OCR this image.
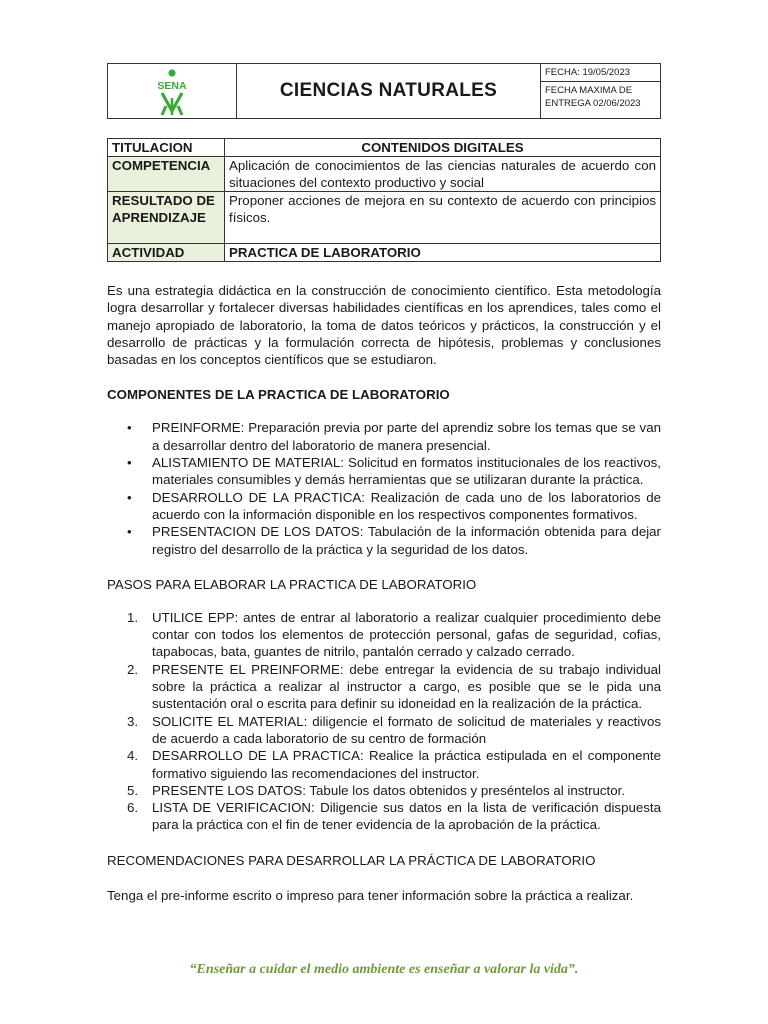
SENA	CIENCIAS NATURALES
FECHA: 19/05/2023
FECHA MAXIMA DE
ENTREGA 02/06/2023
TITULACION	CONTENIDOS DIGITALES
COMPETENCIA	Aplicación de conocimientos de las ciencias naturales de acuerdo con situaciones del contexto productivo y social
RESULTADO DE APRENDIZAJE	Proponer acciones de mejora en su contexto de acuerdo con principios físicos.
ACTIVIDAD	PRACTICA DE LABORATORIO

Es una estrategia didáctica en la construcción de conocimiento científico. Esta metodología logra desarrollar y fortalecer diversas habilidades científicas en los aprendices, tales como el manejo apropiado de laboratorio, la toma de datos teóricos y prácticos, la construcción y el desarrollo de prácticas y la formulación correcta de hipótesis, problemas y conclusiones basadas en los conceptos científicos que se estudiaron.

COMPONENTES DE LA PRACTICA DE LABORATORIO

• PREINFORME: Preparación previa por parte del aprendiz sobre los temas que se van a desarrollar dentro del laboratorio de manera presencial.
• ALISTAMIENTO DE MATERIAL: Solicitud en formatos institucionales de los reactivos, materiales consumibles y demás herramientas que se utilizaran durante la práctica.
• DESARROLLO DE LA PRACTICA: Realización de cada uno de los laboratorios de acuerdo con la información disponible en los respectivos componentes formativos.
• PRESENTACION DE LOS DATOS: Tabulación de la información obtenida para dejar registro del desarrollo de la práctica y la seguridad de los datos.

PASOS PARA ELABORAR LA PRACTICA DE LABORATORIO

1. UTILICE EPP: antes de entrar al laboratorio a realizar cualquier procedimiento debe contar con todos los elementos de protección personal, gafas de seguridad, cofias, tapabocas, bata, guantes de nitrilo, pantalón cerrado y calzado cerrado.
2. PRESENTE EL PREINFORME: debe entregar la evidencia de su trabajo individual sobre la práctica a realizar al instructor a cargo, es posible que se le pida una sustentación oral o escrita para definir su idoneidad en la realización de la práctica.
3. SOLICITE EL MATERIAL: diligencie el formato de solicitud de materiales y reactivos de acuerdo a cada laboratorio de su centro de formación
4. DESARROLLO DE LA PRACTICA: Realice la práctica estipulada en el componente formativo siguiendo las recomendaciones del instructor.
5. PRESENTE LOS DATOS: Tabule los datos obtenidos y preséntelos al instructor.
6. LISTA DE VERIFICACION: Diligencie sus datos en la lista de verificación dispuesta para la práctica con el fin de tener evidencia de la aprobación de la práctica.

RECOMENDACIONES PARA DESARROLLAR LA PRÁCTICA DE LABORATORIO

Tenga el pre-informe escrito o impreso para tener información sobre la práctica a realizar.

“Enseñar a cuidar el medio ambiente es enseñar a valorar la vida”.
